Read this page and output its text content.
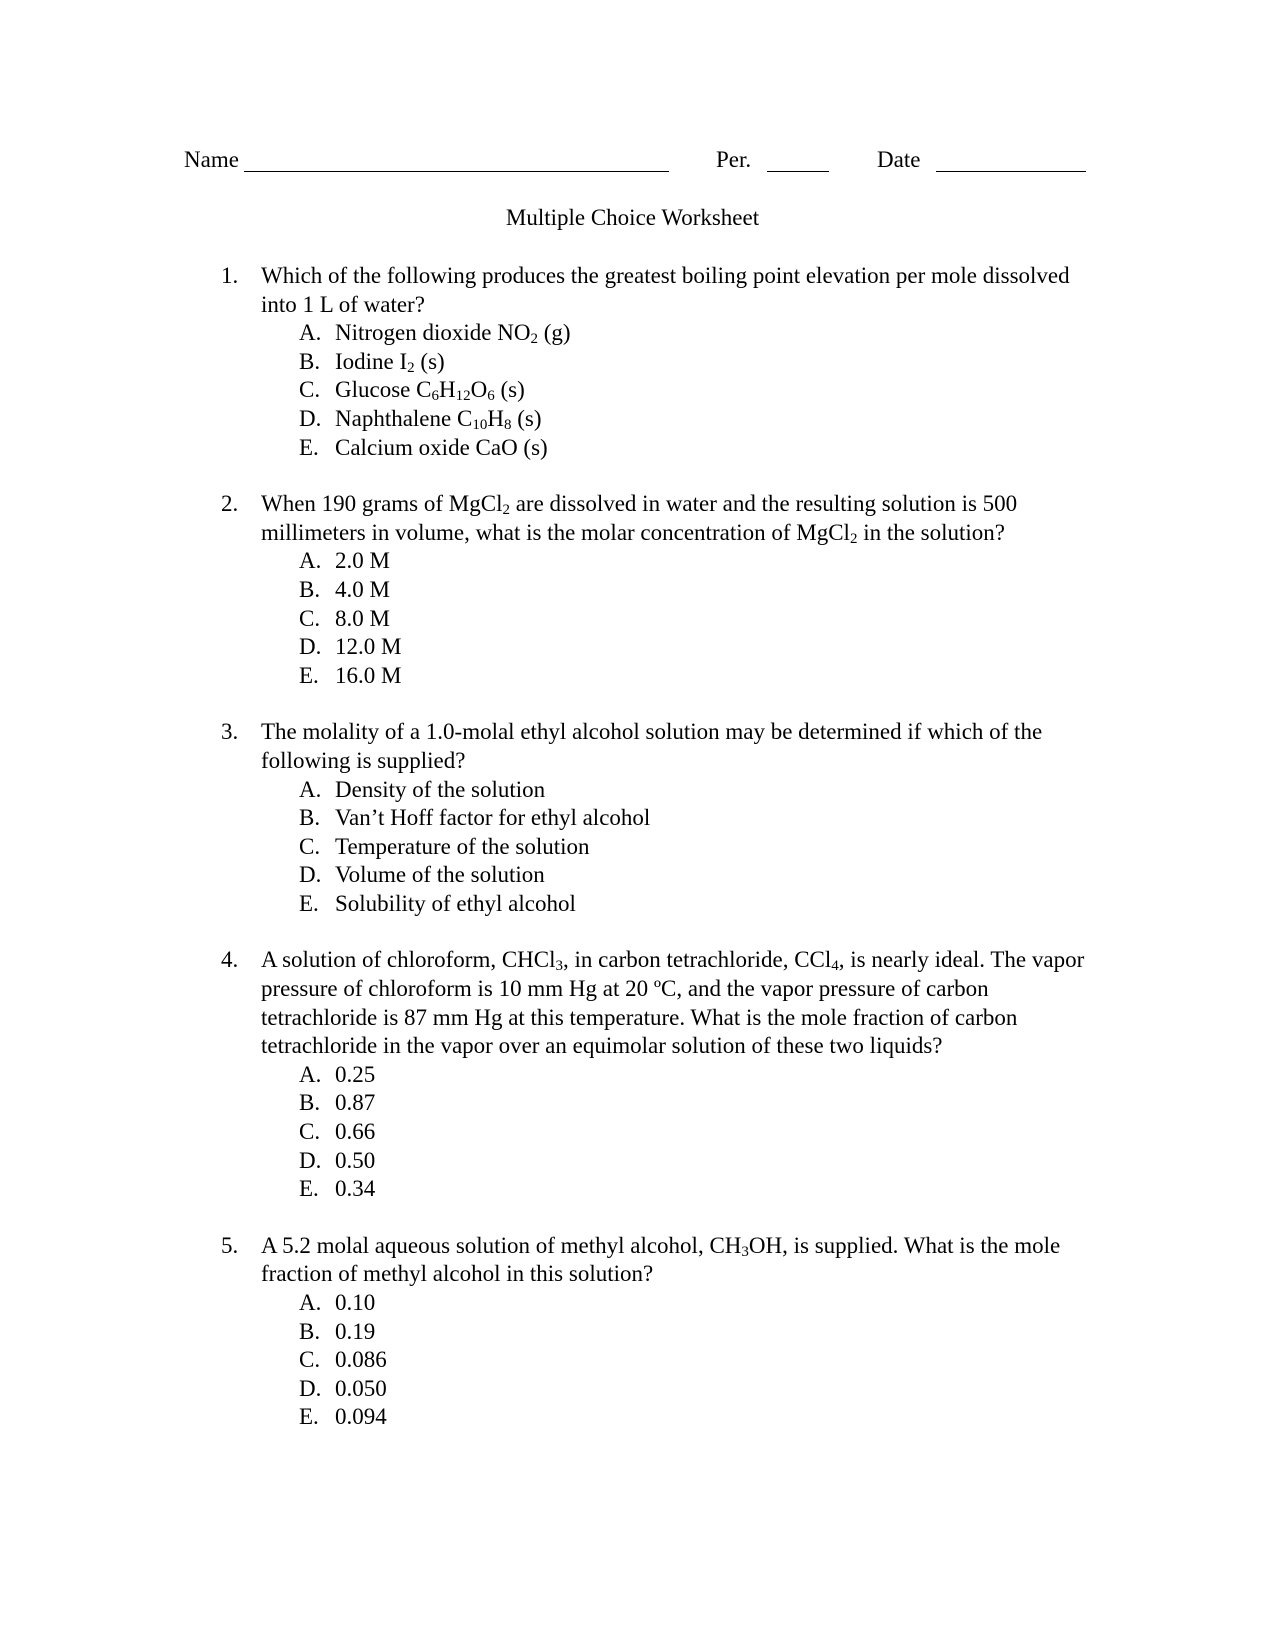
Name	Per.	Date
Multiple Choice Worksheet
1. Which of the following produces the greatest boiling point elevation per mole dissolved into 1 L of water?
A. Nitrogen dioxide $NO_2$ (g)
B. Iodine $I_2$ (s)
C. Glucose $C_6H_{12}O_6$ (s)
D. Naphthalene $C_{10}H_8$ (s)
E. Calcium oxide CaO (s)
2. When 190 grams of MgCl$_2$ are dissolved in water and the resulting solution is 500 millimeters in volume, what is the molar concentration of MgCl$_2$ in the solution?
A. 2.0 M
B. 4.0 M
C. 8.0 M
D. 12.0 M
E. 16.0 M
3. The molality of a 1.0-molal ethyl alcohol solution may be determined if which of the following is supplied?
A. Density of the solution
B. Van’t Hoff factor for ethyl alcohol
C. Temperature of the solution
D. Volume of the solution
E. Solubility of ethyl alcohol
4. A solution of chloroform, CHCl$_3$, in carbon tetrachloride, CCl$_4$, is nearly ideal. The vapor pressure of chloroform is 10 mm Hg at 20 ºC, and the vapor pressure of carbon tetrachloride is 87 mm Hg at this temperature. What is the mole fraction of carbon tetrachloride in the vapor over an equimolar solution of these two liquids?
A. 0.25
B. 0.87
C. 0.66
D. 0.50
E. 0.34
5. A 5.2 molal aqueous solution of methyl alcohol, $CH_3OH$, is supplied. What is the mole fraction of methyl alcohol in this solution?
A. 0.10
B. 0.19
C. 0.086
D. 0.050
E. 0.094
